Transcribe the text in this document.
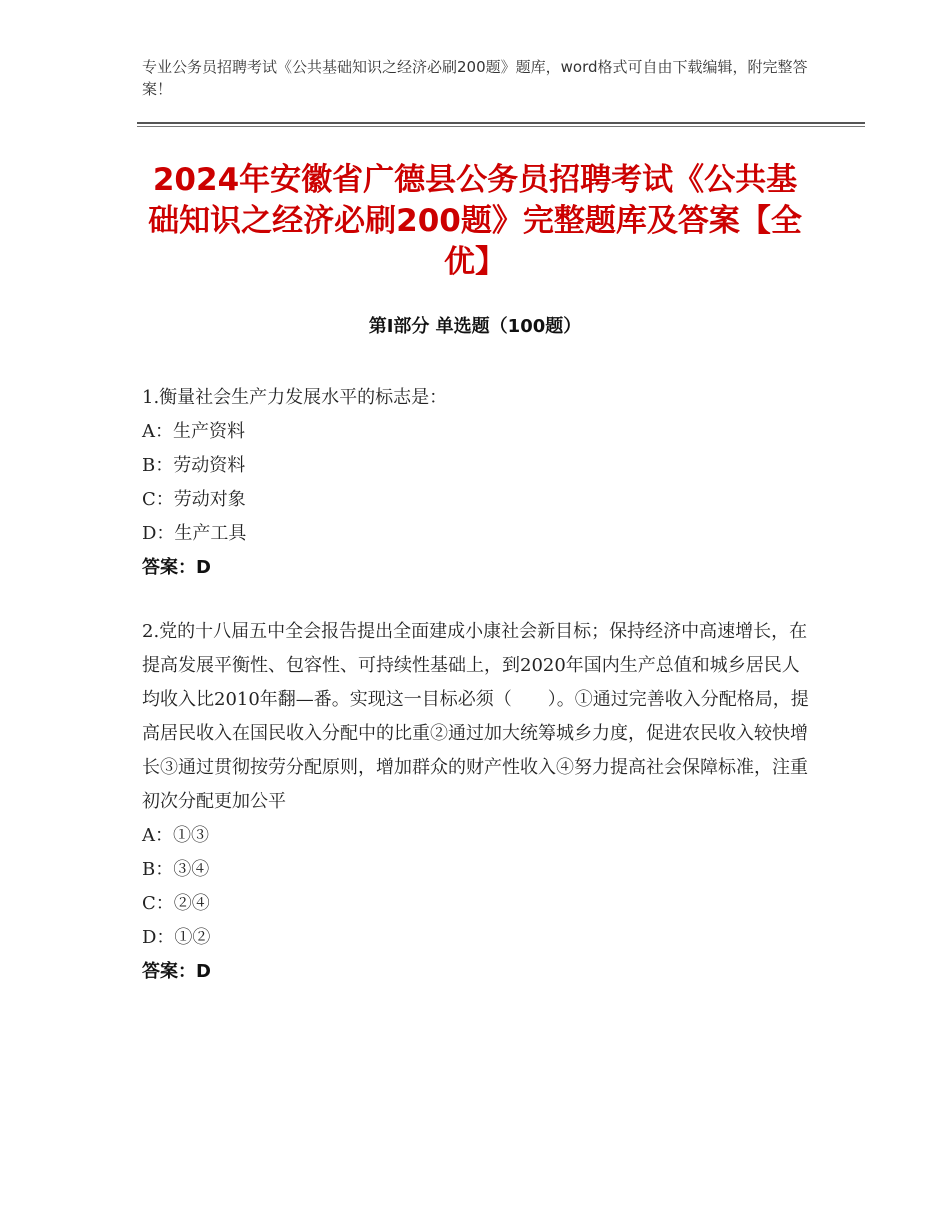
专业公务员招聘考试《公共基础知识之经济必刷200题》题库，word格式可自由下载编辑，附完整答案！
2024年安徽省广德县公务员招聘考试《公共基础知识之经济必刷200题》完整题库及答案【全优】
第Ⅰ部分 单选题（100题）

1.衡量社会生产力发展水平的标志是：

A：生产资料

B：劳动资料

C：劳动对象

D：生产工具

答案：D

2.党的十八届五中全会报告提出全面建成小康社会新目标；保持经济中高速增长，在提高发展平衡性、包容性、可持续性基础上，到2020年国内生产总值和城乡居民人均收入比2010年翻—番。实现这一目标必须（　　）。①通过完善收入分配格局，提高居民收入在国民收入分配中的比重②通过加大统筹城乡力度，促进农民收入较快增长③通过贯彻按劳分配原则，增加群众的财产性收入④努力提高社会保障标准，注重初次分配更加公平

A：①③

B：③④

C：②④

D：①②

答案：D
